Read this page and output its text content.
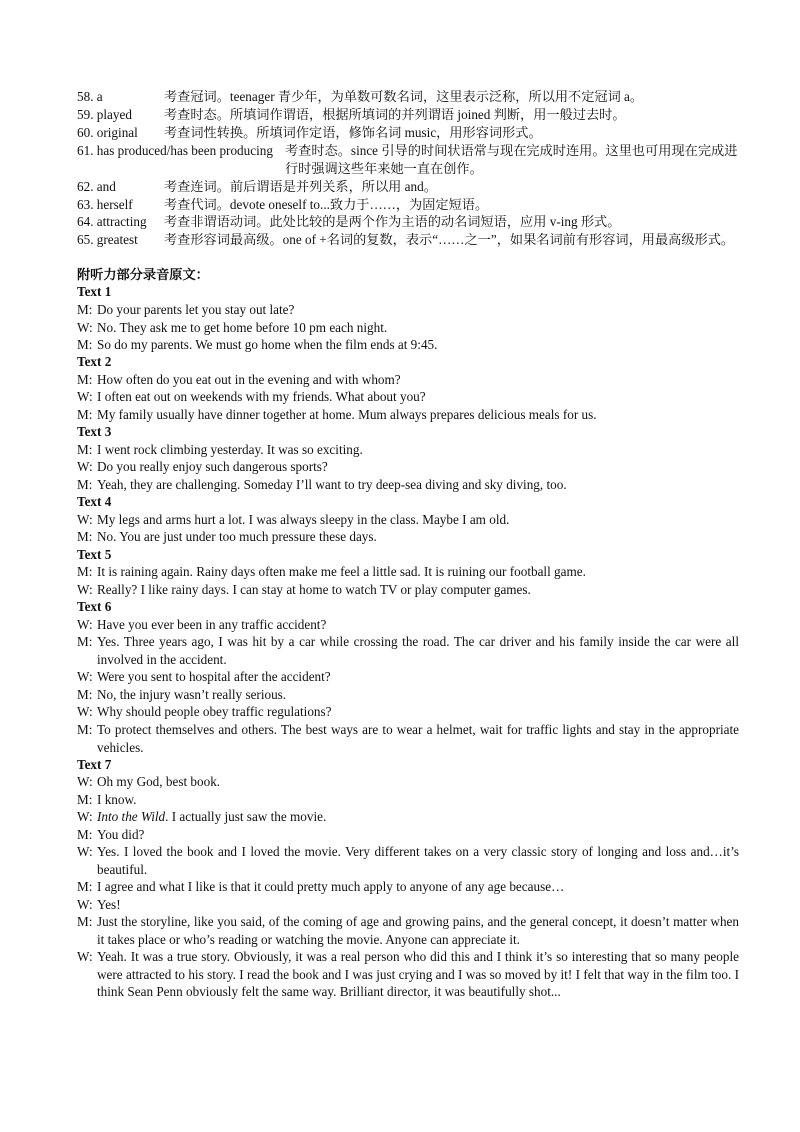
58. a	考查冠词。teenager 青少年，为单数可数名词，这里表示泛称，所以用不定冠词 a。
59. played 考查时态。所填词作谓语，根据所填词的并列谓语 joined 判断，用一般过去时。
60. original 考查词性转换。所填词作定语，修饰名词 music，用形容词形式。
61. has produced/has been producing 考查时态。since 引导的时间状语常与现在完成时连用。这里也可用现在完成进行时强调这些年来她一直在创作。
62. and	考查连词。前后谓语是并列关系，所以用 and。
63. herself 考查代词。devote oneself to...致力于……，为固定短语。
64. attracting 考查非谓语动词。此处比较的是两个作为主语的动名词短语，应用 v-ing 形式。
65. greatest 考查形容词最高级。one of +名词的复数，表示“……之一”，如果名词前有形容词，用最高级形式。
附听力部分录音原文：
Text 1
M: Do your parents let you stay out late?
W: No. They ask me to get home before 10 pm each night.
M: So do my parents. We must go home when the film ends at 9:45.
Text 2
M: How often do you eat out in the evening and with whom?
W: I often eat out on weekends with my friends. What about you?
M: My family usually have dinner together at home. Mum always prepares delicious meals for us.
Text 3
M: I went rock climbing yesterday. It was so exciting.
W: Do you really enjoy such dangerous sports?
M: Yeah, they are challenging. Someday I’ll want to try deep-sea diving and sky diving, too.
Text 4
W: My legs and arms hurt a lot. I was always sleepy in the class. Maybe I am old.
M: No. You are just under too much pressure these days.
Text 5
M: It is raining again. Rainy days often make me feel a little sad. It is ruining our football game.
W: Really? I like rainy days. I can stay at home to watch TV or play computer games.
Text 6
W: Have you ever been in any traffic accident?
M: Yes. Three years ago, I was hit by a car while crossing the road. The car driver and his family inside the car were all involved in the accident.
W: Were you sent to hospital after the accident?
M: No, the injury wasn’t really serious.
W: Why should people obey traffic regulations?
M: To protect themselves and others. The best ways are to wear a helmet, wait for traffic lights and stay in the appropriate vehicles.
Text 7
W: Oh my God, best book.
M: I know.
W: Into the Wild. I actually just saw the movie.
M: You did?
W: Yes. I loved the book and I loved the movie. Very different takes on a very classic story of longing and loss and…it’s beautiful.
M: I agree and what I like is that it could pretty much apply to anyone of any age because…
W: Yes!
M: Just the storyline, like you said, of the coming of age and growing pains, and the general concept, it doesn’t matter when it takes place or who’s reading or watching the movie. Anyone can appreciate it.
W: Yeah. It was a true story. Obviously, it was a real person who did this and I think it’s so interesting that so many people were attracted to his story. I read the book and I was just crying and I was so moved by it! I felt that way in the film too. I think Sean Penn obviously felt the same way. Brilliant director, it was beautifully shot...
